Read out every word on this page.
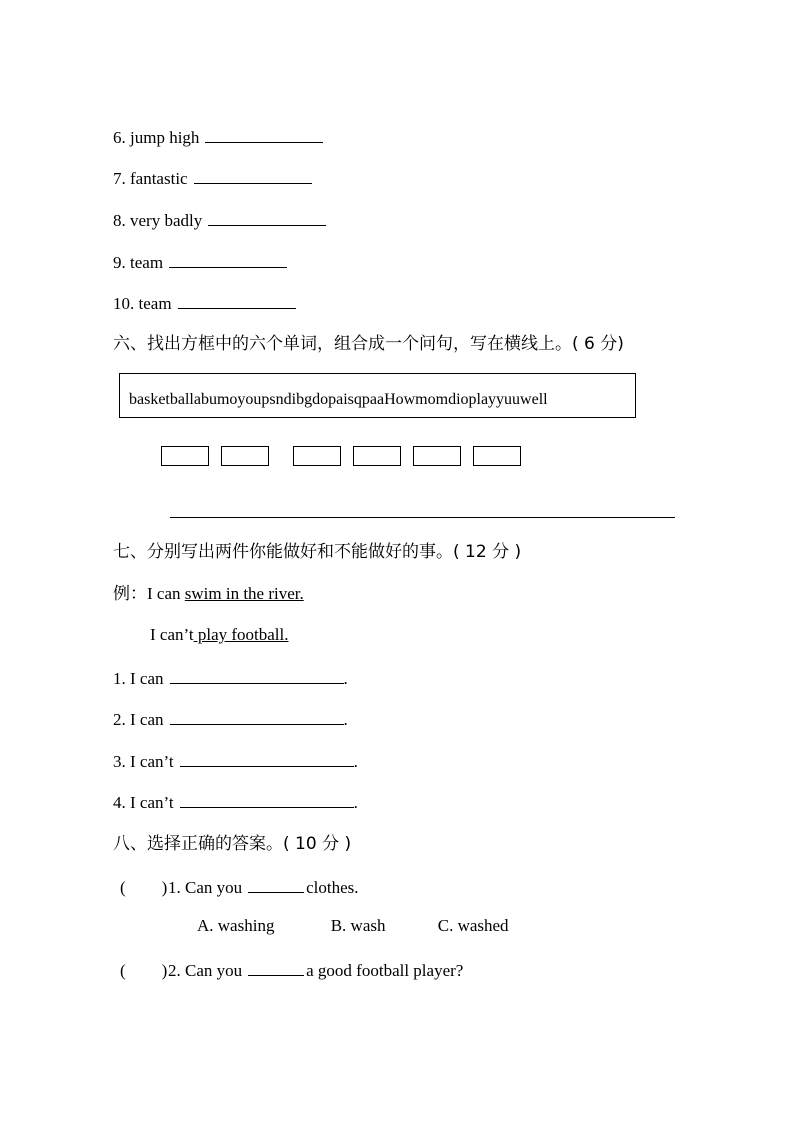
6. jump high
7. fantastic
8. very badly
9. team
10. team
六、找出方框中的六个单词，组合成一个问句，写在横线上。( 6 分)
basketballabumoyoupsndibgdopaisqpaaHowmomdioplayyuuwell
七、分别写出两件你能做好和不能做好的事。( 12 分 )
例：I can swim in the river.
I can’t play football.
1. I can	.
2. I can	.
3. I can’t	.
4. I can’t	.
八、选择正确的答案。( 10 分 )
( )1. Can you	clothes.
A. washing	B. wash	C. washed
( )2. Can you	a good football player?
